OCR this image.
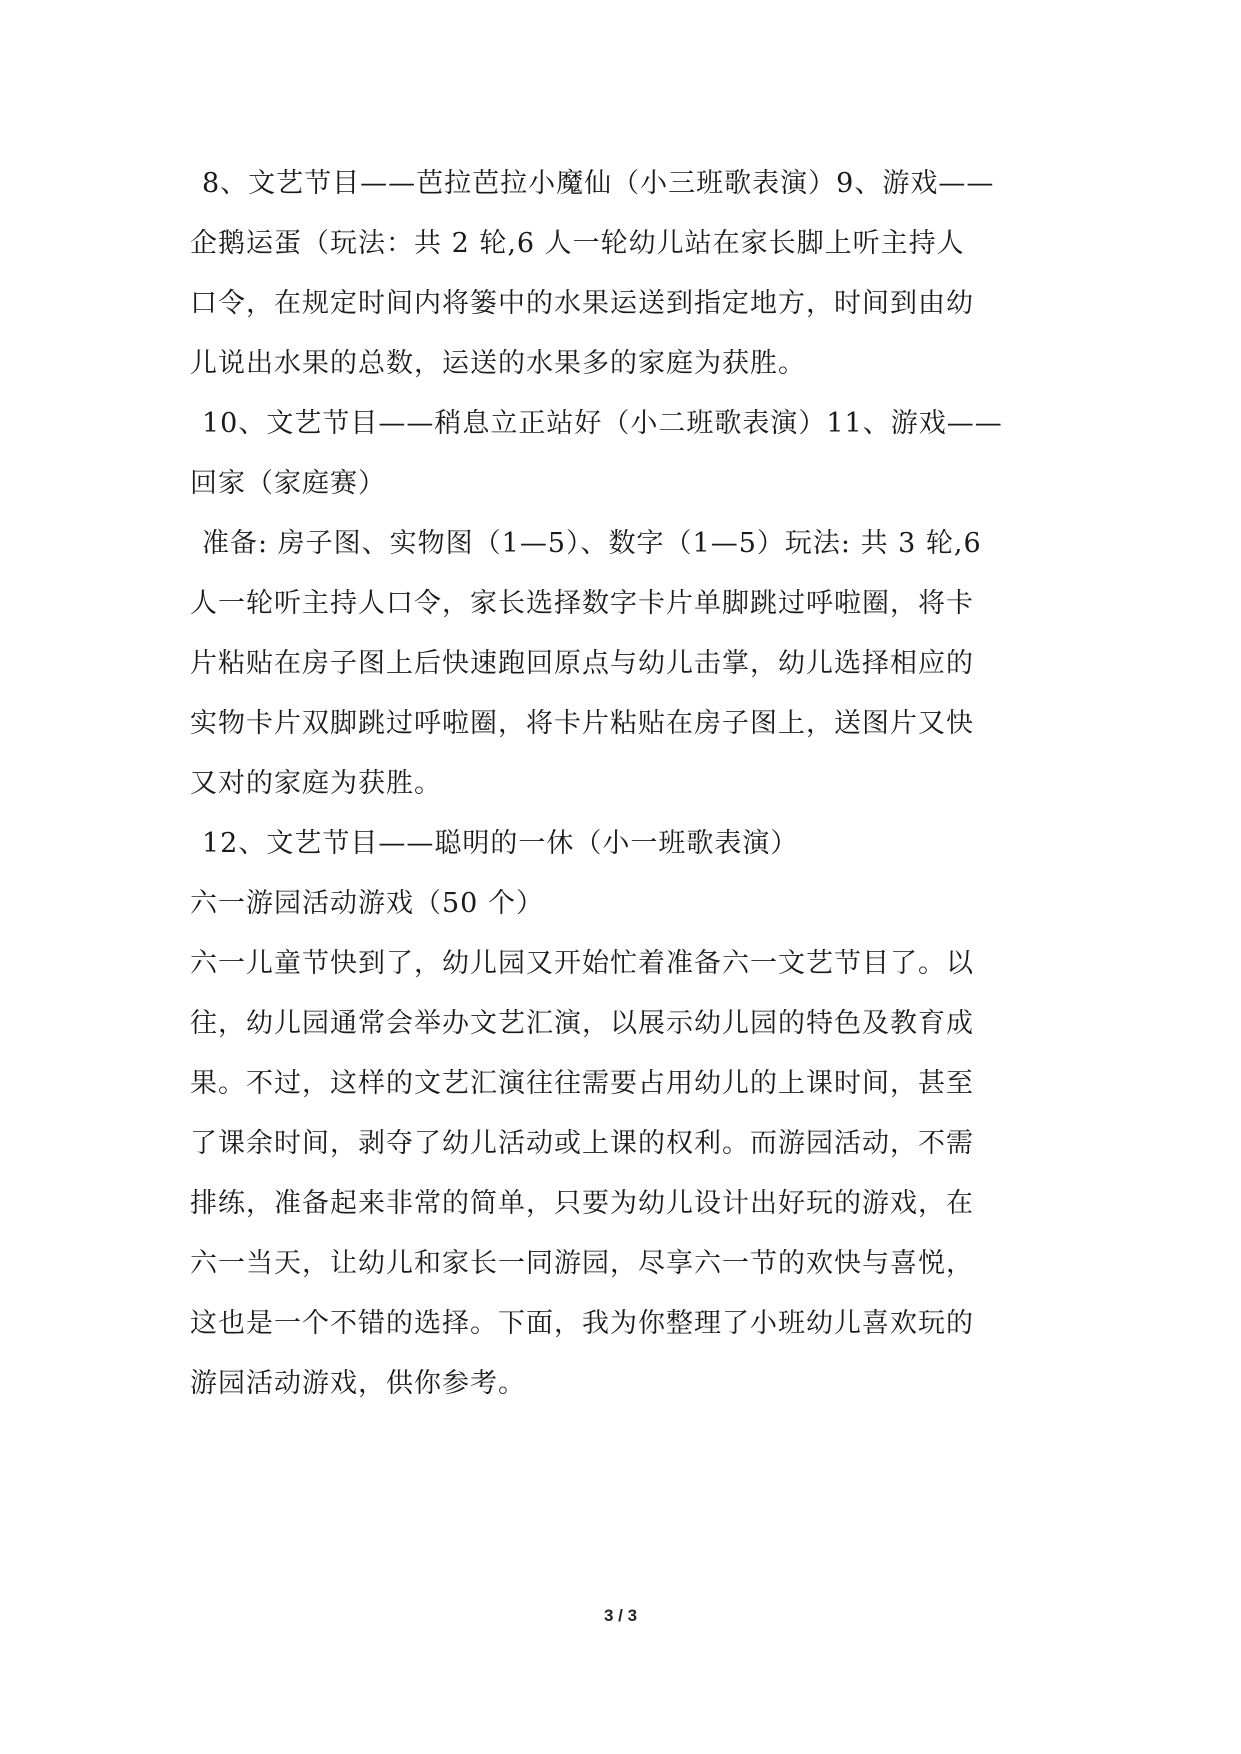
8、文艺节目——芭拉芭拉小魔仙（小三班歌表演）9、游戏——
企鹅运蛋（玩法：共 2 轮,6 人一轮幼儿站在家长脚上听主持人
口令，在规定时间内将篓中的水果运送到指定地方，时间到由幼
儿说出水果的总数，运送的水果多的家庭为获胜。
10、文艺节目——稍息立正站好（小二班歌表演）11、游戏——
回家（家庭赛）
准备: 房子图、实物图（1—5）、数字（1—5）玩法: 共 3 轮,6
人一轮听主持人口令，家长选择数字卡片单脚跳过呼啦圈，将卡
片粘贴在房子图上后快速跑回原点与幼儿击掌，幼儿选择相应的
实物卡片双脚跳过呼啦圈，将卡片粘贴在房子图上，送图片又快
又对的家庭为获胜。
12、文艺节目——聪明的一休（小一班歌表演）
六一游园活动游戏（50 个）
六一儿童节快到了，幼儿园又开始忙着准备六一文艺节目了。以
往，幼儿园通常会举办文艺汇演，以展示幼儿园的特色及教育成
果。不过，这样的文艺汇演往往需要占用幼儿的上课时间，甚至
了课余时间，剥夺了幼儿活动或上课的权利。而游园活动，不需
排练，准备起来非常的简单，只要为幼儿设计出好玩的游戏，在
六一当天，让幼儿和家长一同游园，尽享六一节的欢快与喜悦，
这也是一个不错的选择。下面，我为你整理了小班幼儿喜欢玩的
游园活动游戏，供你参考。
3 / 3
